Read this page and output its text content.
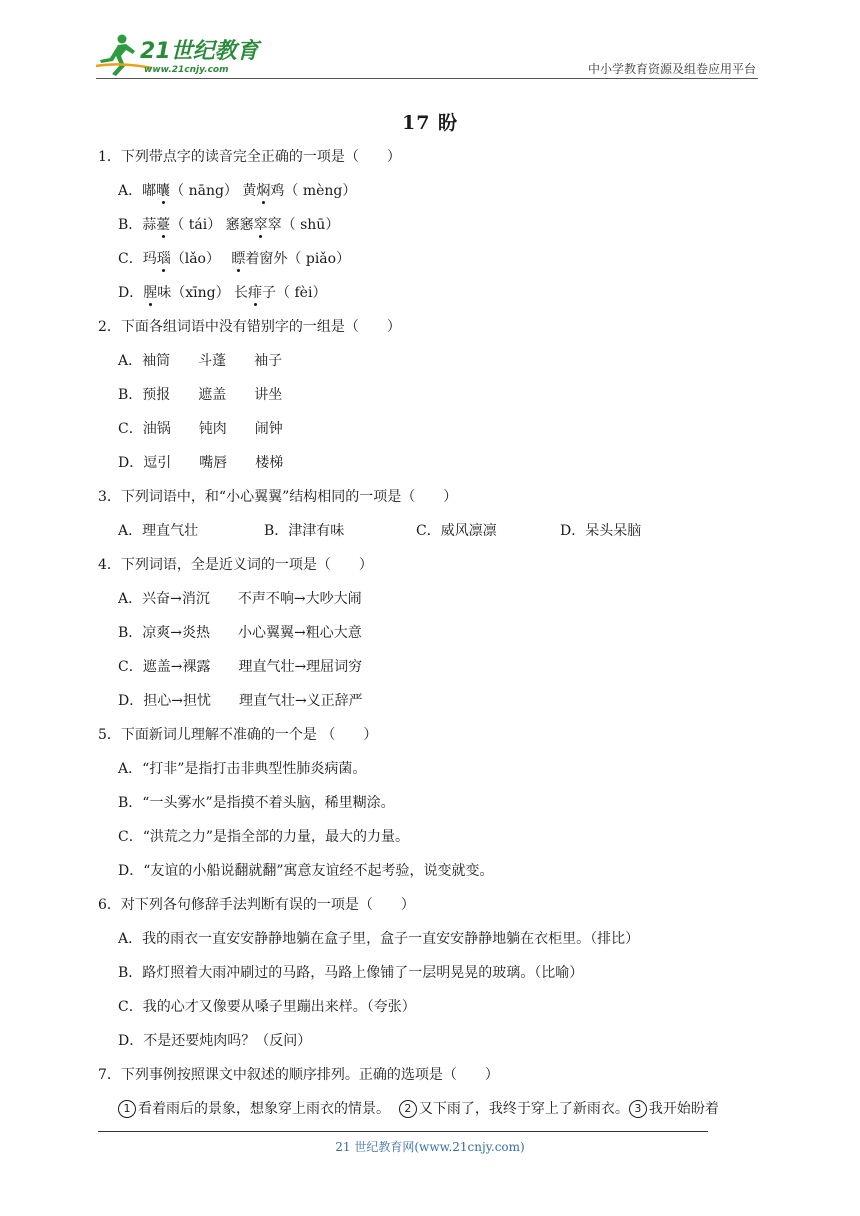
21世纪教育
www.21cnjy.com	中小学教育资源及组卷应用平台
17 盼
1．下列带点字的读音完全正确的一项是（　　）
A．嘟囔（ nāng） 黄焖鸡（ mèng）
B．蒜薹（ tái） 窸窸窣窣（ shū）
C．玛瑙（lǎo）　 瞟着窗外（ piǎo）
D．腥味（xīng） 长痱子（ fèi）
2．下面各组词语中没有错别字的一组是（　　）
A．袖筒　　斗蓬　　袖子
B．预报　　遮盖　　讲坐
C．油锅　　钝肉　　闹钟
D．逗引　　嘴唇　　楼梯
3．下列词语中，和“小心翼翼”结构相同的一项是（　　）
A．理直气壮	B．津津有味	C．威风凛凛	D．呆头呆脑
4．下列词语，全是近义词的一项是（　　）
A．兴奋→消沉　　不声不响→大吵大闹
B．凉爽→炎热　　小心翼翼→粗心大意
C．遮盖→裸露　　理直气壮→理屈词穷
D．担心→担忧　　理直气壮→义正辞严
5．下面新词儿理解不准确的一个是 （　　）
A．“打非”是指打击非典型性肺炎病菌。
B．“一头雾水”是指摸不着头脑，稀里糊涂。
C．“洪荒之力”是指全部的力量，最大的力量。
D．“友谊的小船说翻就翻”寓意友谊经不起考验，说变就变。
6．对下列各句修辞手法判断有误的一项是（　　）
A．我的雨衣一直安安静静地躺在盒子里，盒子一直安安静静地躺在衣柜里。（排比）
B．路灯照着大雨冲刷过的马路，马路上像铺了一层明晃晃的玻璃。（比喻）
C．我的心才又像要从嗓子里蹦出来样。（夸张）
D．不是还要炖肉吗？（反问）
7．下列事例按照课文中叙述的顺序排列。正确的选项是（　　）
1 看着雨后的景象，想象穿上雨衣的情景。  2 又下雨了，我终于穿上了新雨衣。 3 我开始盼着
21 世纪教育网(www.21cnjy.com)
